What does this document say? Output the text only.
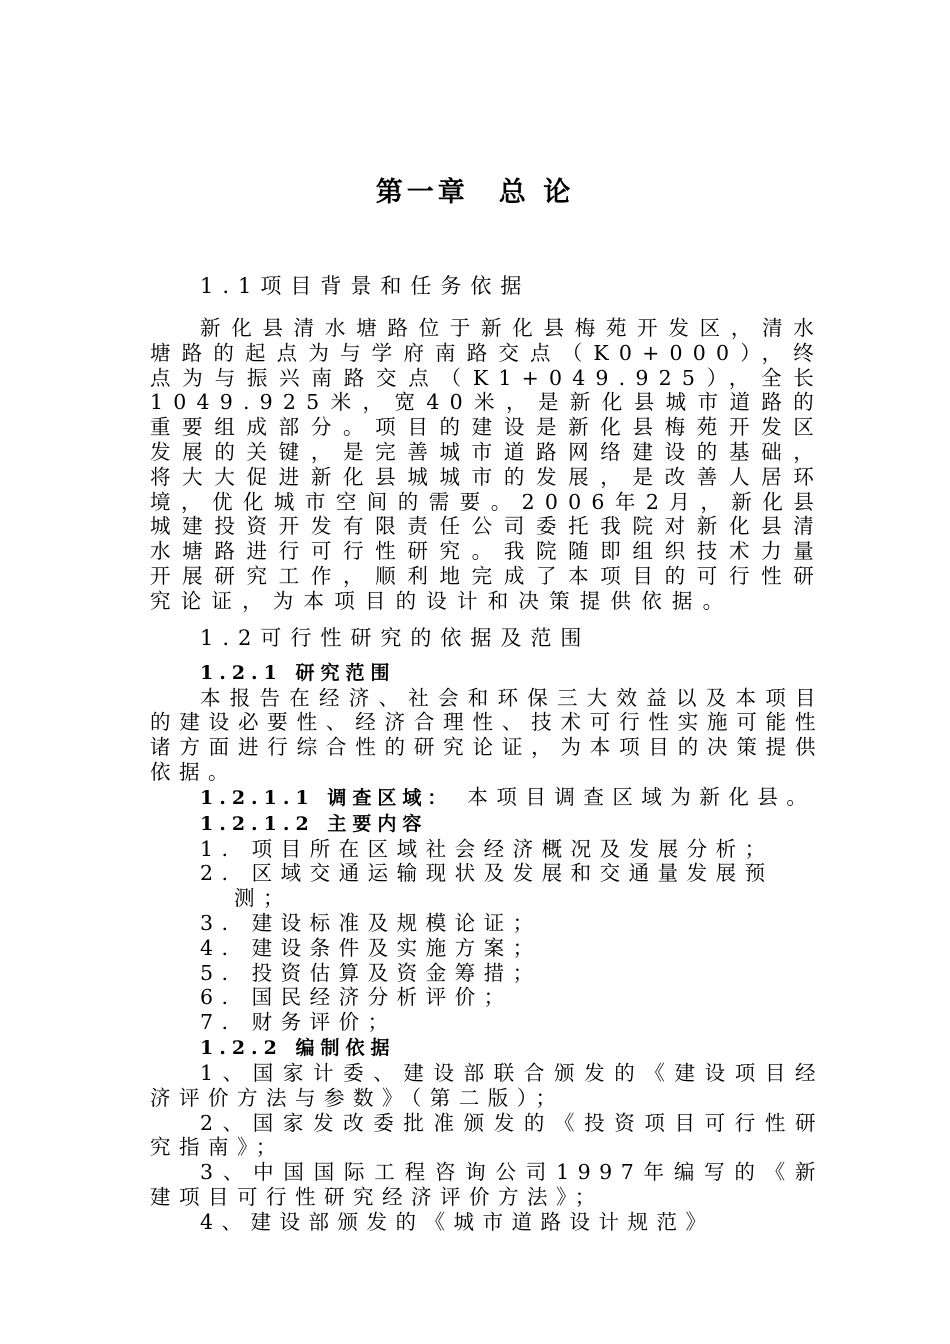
第一章 总 论
1.1项目背景和任务依据

新化县清水塘路位于新化县梅苑开发区，清水塘路的起点为与学府南路交点（K0+000），终点为与振兴南路交点（K1+049.925），全长1049.925米，宽40米，是新化县城市道路的重要组成部分。项目的建设是新化县梅苑开发区发展的关键，是完善城市道路网络建设的基础，将大大促进新化县城城市的发展，是改善人居环境，优化城市空间的需要。2006年2月，新化县城建投资开发有限责任公司委托我院对新化县清水塘路进行可行性研究。我院随即组织技术力量开展研究工作，顺利地完成了本项目的可行性研究论证，为本项目的设计和决策提供依据。

1.2可行性研究的依据及范围
1.2.1 研究范围

本报告在经济、社会和环保三大效益以及本项目的建设必要性、经济合理性、技术可行性实施可能性诸方面进行综合性的研究论证，为本项目的决策提供依据。

1.2.1.1 调查区域： 本项目调查区域为新化县。

1.2.1.2 主要内容
1. 项目所在区域社会经济概况及发展分析；
2. 区域交通运输现状及发展和交通量发展预测；
3. 建设标准及规模论证；
4. 建设条件及实施方案；
5. 投资估算及资金筹措；
6. 国民经济分析评价；
7. 财务评价；
1.2.2 编制依据

1、国家计委、建设部联合颁发的《建设项目经济评价方法与参数》（第二版）；

2、国家发改委批准颁发的《投资项目可行性研究指南》；

3、中国国际工程咨询公司1997年编写的《新建项目可行性研究经济评价方法》；

4、建设部颁发的《城市道路设计规范》
